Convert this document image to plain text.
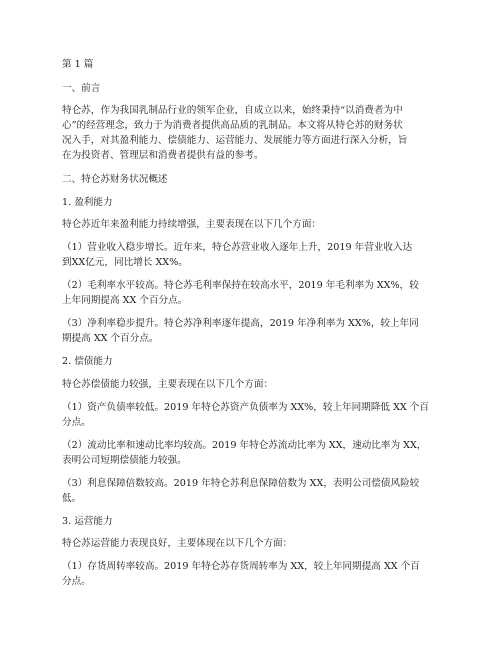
第 1 篇
一、前言
特仑苏，作为我国乳制品行业的领军企业，自成立以来，始终秉持“以消费者为中
心”的经营理念，致力于为消费者提供高品质的乳制品。本文将从特仑苏的财务状
况入手，对其盈利能力、偿债能力、运营能力、发展能力等方面进行深入分析，旨
在为投资者、管理层和消费者提供有益的参考。
二、特仑苏财务状况概述
1. 盈利能力
特仑苏近年来盈利能力持续增强，主要表现在以下几个方面：
（1）营业收入稳步增长。近年来，特仑苏营业收入逐年上升，2019 年营业收入达
到XX亿元，同比增长 XX%。
（2）毛利率水平较高。特仑苏毛利率保持在较高水平，2019 年毛利率为 XX%，较
上年同期提高 XX 个百分点。
（3）净利率稳步提升。特仑苏净利率逐年提高，2019 年净利率为 XX%，较上年同
期提高 XX 个百分点。
2. 偿债能力
特仑苏偿债能力较强，主要表现在以下几个方面：
（1）资产负债率较低。2019 年特仑苏资产负债率为 XX%，较上年同期降低 XX 个百
分点。
（2）流动比率和速动比率均较高。2019 年特仑苏流动比率为 XX，速动比率为 XX，
表明公司短期偿债能力较强。
（3）利息保障倍数较高。2019 年特仑苏利息保障倍数为 XX，表明公司偿债风险较
低。
3. 运营能力
特仑苏运营能力表现良好，主要体现在以下几个方面：
（1）存货周转率较高。2019 年特仑苏存货周转率为 XX，较上年同期提高 XX 个百
分点。
